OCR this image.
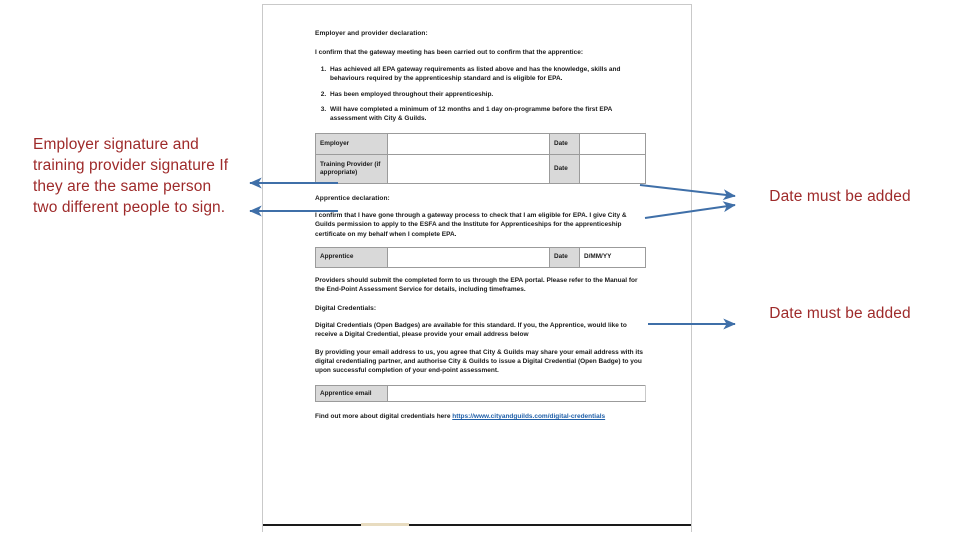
Employer and provider declaration:
I confirm that the gateway meeting has been carried out to confirm that the apprentice:
1. Has achieved all EPA gateway requirements as listed above and has the knowledge, skills and behaviours required by the apprenticeship standard and is eligible for EPA.
2. Has been employed throughout their apprenticeship.
3. Will have completed a minimum of 12 months and 1 day on-programme before the first EPA assessment with City & Guilds.
Employer		Date	
Training Provider (if appropriate)		Date	
Apprentice declaration:
I confirm that I have gone through a gateway process to check that I am eligible for EPA. I give City & Guilds permission to apply to the ESFA and the Institute for Apprenticeships for the apprenticeship certificate on my behalf when I complete EPA.
Apprentice		Date	D/MM/YY
Providers should submit the completed form to us through the EPA portal. Please refer to the Manual for the End-Point Assessment Service for details, including timeframes.
Digital Credentials:
Digital Credentials (Open Badges) are available for this standard. If you, the Apprentice, would like to receive a Digital Credential, please provide your email address below
By providing your email address to us, you agree that City & Guilds may share your email address with its digital credentialing partner, and authorise City & Guilds to issue a Digital Credential (Open Badge) to you upon successful completion of your end-point assessment.
Apprentice email	
Find out more about digital credentials here https://www.cityandguilds.com/digital-credentials
Employer signature and training provider signature If they are the same person two different people to sign.
Date must be added
Date must be added
